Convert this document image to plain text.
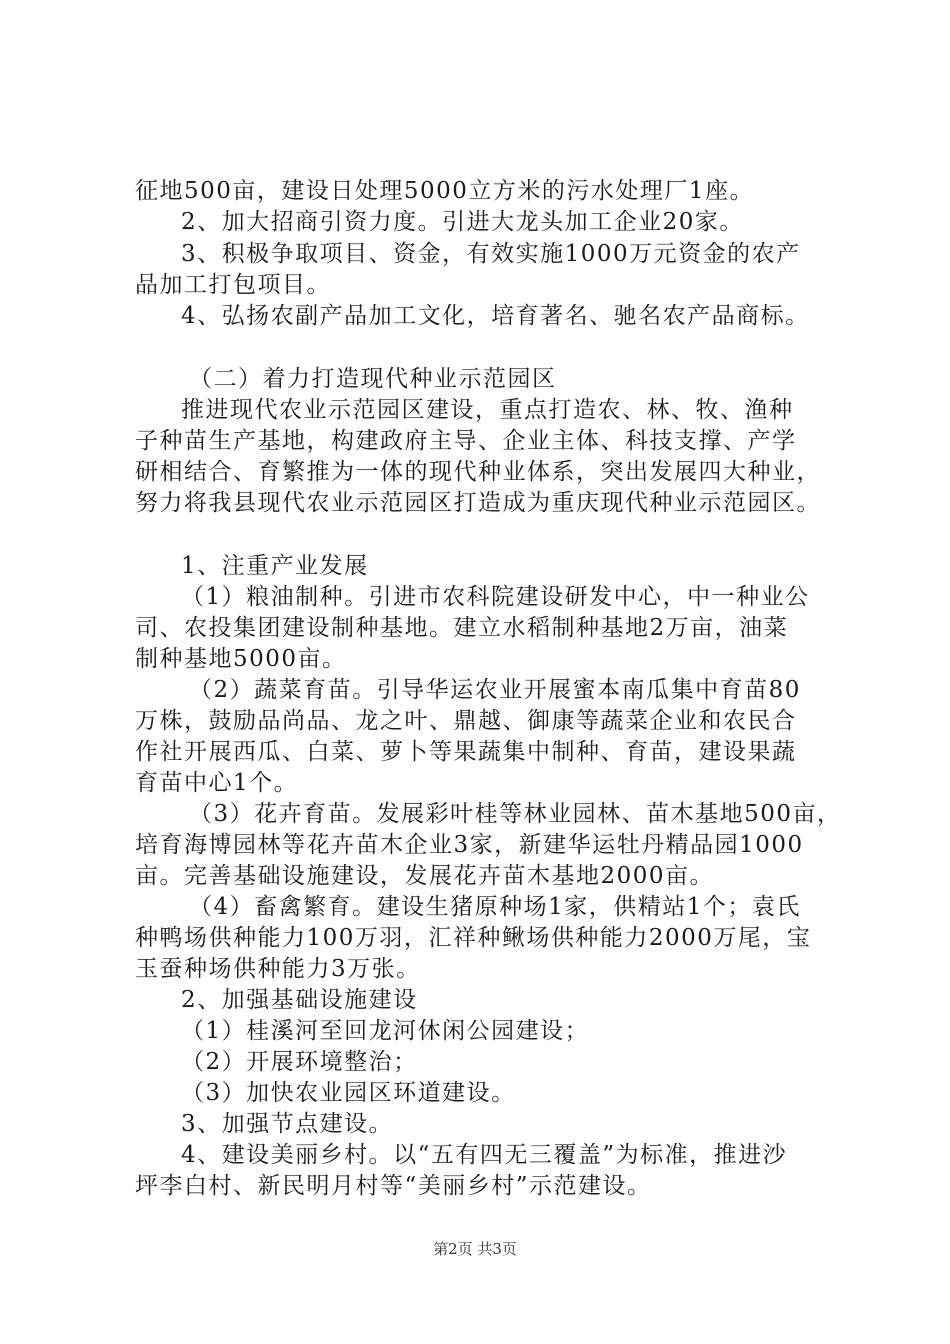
征地500亩，建设日处理5000立方米的污水处理厂1座。
2、加大招商引资力度。引进大龙头加工企业20家。
3、积极争取项目、资金，有效实施1000万元资金的农产
品加工打包项目。
4、弘扬农副产品加工文化，培育著名、驰名农产品商标。
（二）着力打造现代种业示范园区
推进现代农业示范园区建设，重点打造农、林、牧、渔种
子种苗生产基地，构建政府主导、企业主体、科技支撑、产学
研相结合、育繁推为一体的现代种业体系，突出发展四大种业，
努力将我县现代农业示范园区打造成为重庆现代种业示范园区。
1、注重产业发展
（1）粮油制种。引进市农科院建设研发中心，中一种业公
司、农投集团建设制种基地。建立水稻制种基地2万亩，油菜
制种基地5000亩。
（2）蔬菜育苗。引导华运农业开展蜜本南瓜集中育苗80
万株，鼓励品尚品、龙之叶、鼎越、御康等蔬菜企业和农民合
作社开展西瓜、白菜、萝卜等果蔬集中制种、育苗，建设果蔬
育苗中心1个。
（3）花卉育苗。发展彩叶桂等林业园林、苗木基地500亩，
培育海博园林等花卉苗木企业3家，新建华运牡丹精品园1000
亩。完善基础设施建设，发展花卉苗木基地2000亩。
（4）畜禽繁育。建设生猪原种场1家，供精站1个；袁氏
种鸭场供种能力100万羽，汇祥种鳅场供种能力2000万尾，宝
玉蚕种场供种能力3万张。
2、加强基础设施建设
（1）桂溪河至回龙河休闲公园建设；
（2）开展环境整治；
（3）加快农业园区环道建设。
3、加强节点建设。
4、建设美丽乡村。以“五有四无三覆盖”为标准，推进沙
坪李白村、新民明月村等“美丽乡村”示范建设。
第2页 共3页
